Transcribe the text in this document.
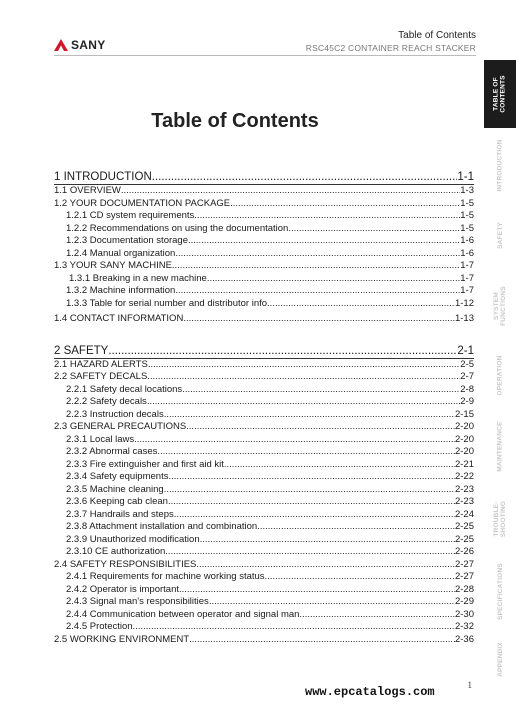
SANY
Table of Contents
RSC45C2 CONTAINER REACH STACKER
Table of Contents
1 INTRODUCTION .....	1-1
1.1 OVERVIEW .....	1-3
1.2 YOUR DOCUMENTATION PACKAGE .....	1-5
1.2.1 CD system requirements .....	1-5
1.2.2 Recommendations on using the documentation .....	1-5
1.2.3 Documentation storage .....	1-6
1.2.4 Manual organization .....	1-6
1.3 YOUR SANY MACHINE .....	1-7
1.3.1 Breaking in a new machine .....	1-7
1.3.2 Machine information .....	1-7
1.3.3 Table for serial number and distributor info .....	1-12
1.4 CONTACT INFORMATION .....	1-13
2 SAFETY .....	2-1
2.1 HAZARD ALERTS .....	2-5
2.2 SAFETY DECALS .....	2-7
2.2.1 Safety decal locations .....	2-8
2.2.2 Safety decals .....	2-9
2.2.3 Instruction decals .....	2-15
2.3 GENERAL PRECAUTIONS .....	2-20
2.3.1 Local laws .....	2-20
2.3.2 Abnormal cases .....	2-20
2.3.3 Fire extinguisher and first aid kit .....	2-21
2.3.4 Safety equipments .....	2-22
2.3.5 Machine cleaning .....	2-23
2.3.6 Keeping cab clean .....	2-23
2.3.7 Handrails and steps .....	2-24
2.3.8 Attachment installation and combination .....	2-25
2.3.9 Unauthorized modification .....	2-25
2.3.10 CE authorization .....	2-26
2.4 SAFETY RESPONSIBILITIES .....	2-27
2.4.1 Requirements for machine working status .....	2-27
2.4.2 Operator is important .....	2-28
2.4.3 Signal man's responsibilities .....	2-29
2.4.4 Communication between operator and signal man .....	2-30
2.4.5 Protection .....	2-32
2.5 WORKING ENVIRONMENT .....	2-36
TABLE OF CONTENTS
INTRODUCTION
SAFETY
SYSTEM FUNCTIONS
OPERATION
MAINTENANCE
TROUBLE- SHOOTING
SPECIFICATIONS
APPENDIX
www.epcatalogs.com	1
